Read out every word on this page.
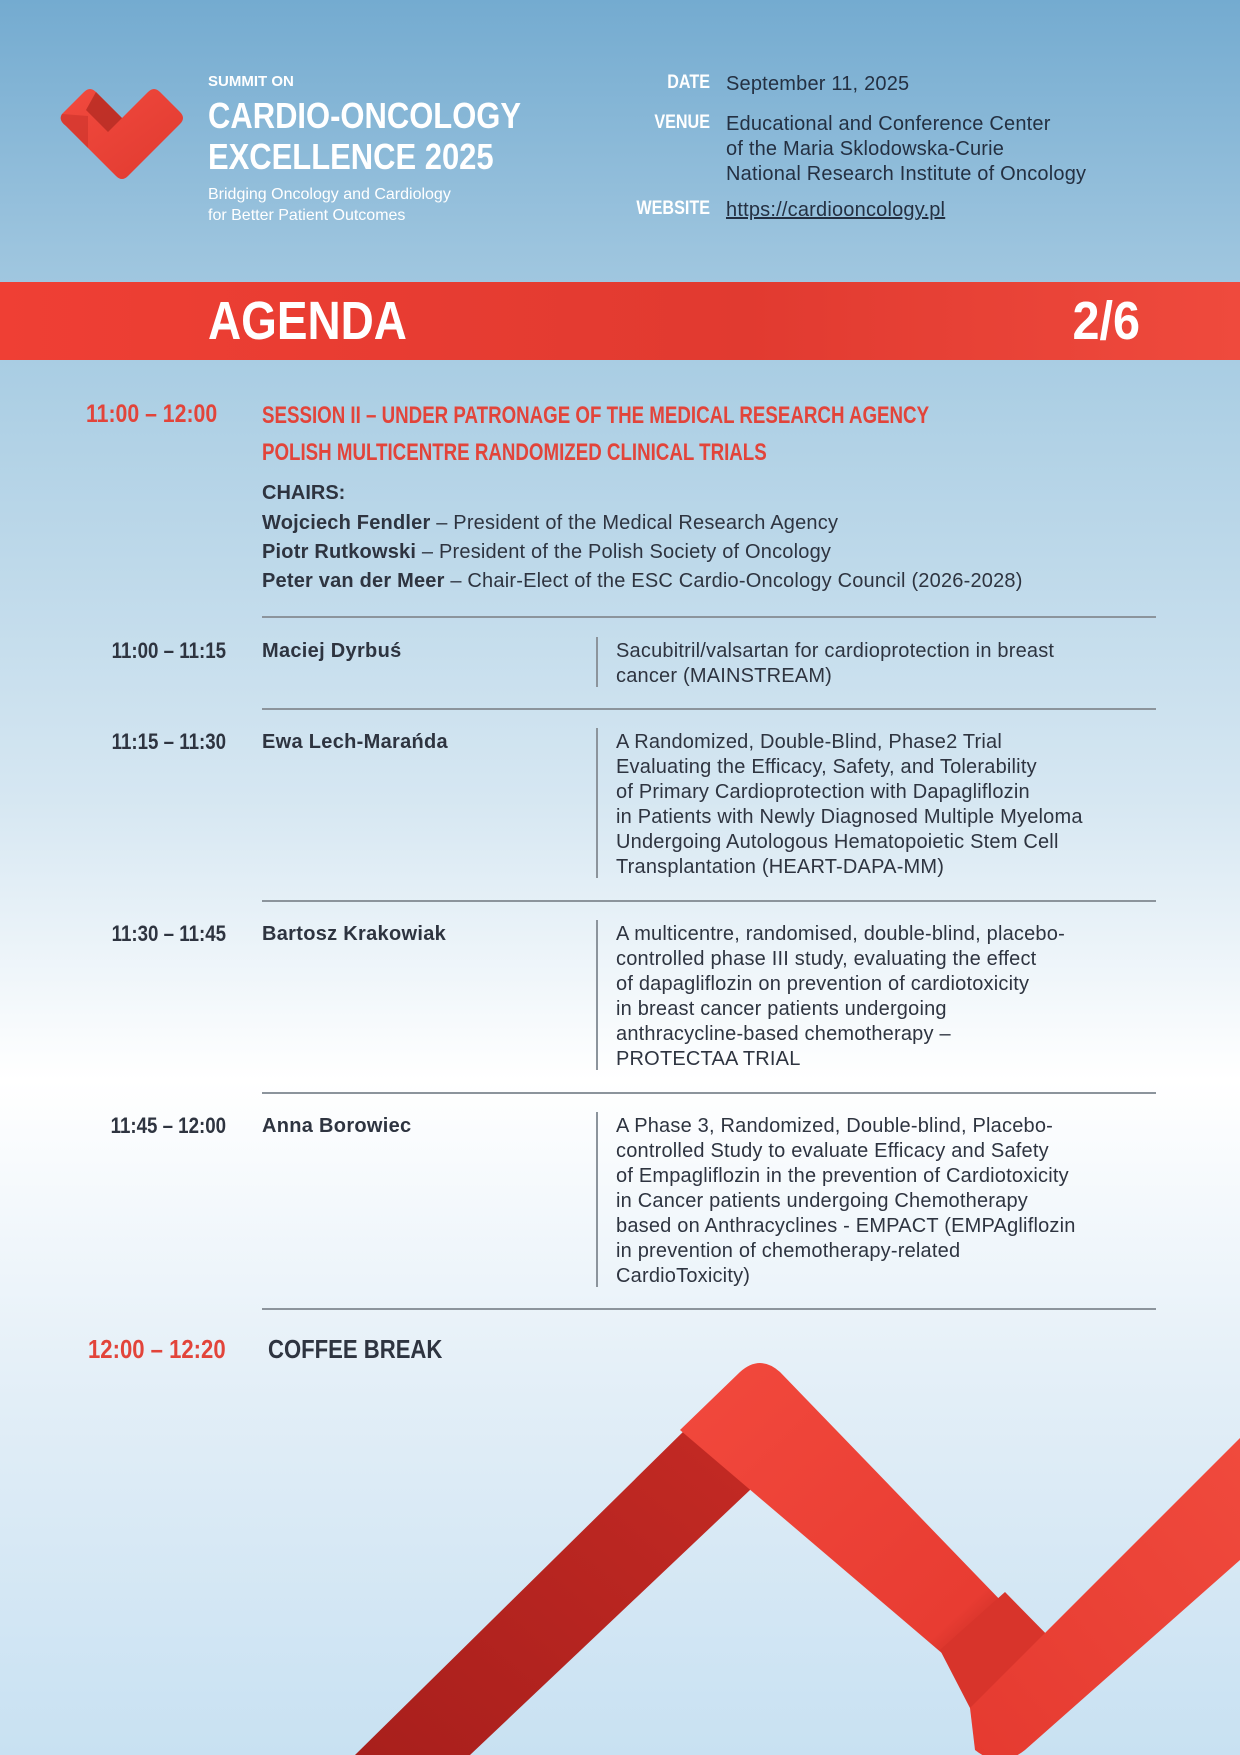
SUMMIT ON
CARDIO-ONCOLOGY
EXCELLENCE 2025
Bridging Oncology and Cardiology
for Better Patient Outcomes
DATE September 11, 2025
VENUE Educational and Conference Center
of the Maria Sklodowska-Curie
National Research Institute of Oncology
WEBSITE https://cardiooncology.pl
AGENDA	2/6
11:00 – 12:00 SESSION II – UNDER PATRONAGE OF THE MEDICAL RESEARCH AGENCY
POLISH MULTICENTRE RANDOMIZED CLINICAL TRIALS
CHAIRS:
Wojciech Fendler – President of the Medical Research Agency
Piotr Rutkowski – President of the Polish Society of Oncology
Peter van der Meer – Chair-Elect of the ESC Cardio-Oncology Council (2026-2028)
11:00 – 11:15 Maciej Dyrbuś	Sacubitril/valsartan for cardioprotection in breast
cancer (MAINSTREAM)
11:15 – 11:30 Ewa Lech-Marańda	A Randomized, Double-Blind, Phase2 Trial
Evaluating the Efficacy, Safety, and Tolerability
of Primary Cardioprotection with Dapagliflozin
in Patients with Newly Diagnosed Multiple Myeloma
Undergoing Autologous Hematopoietic Stem Cell
Transplantation (HEART-DAPA-MM)
11:30 – 11:45 Bartosz Krakowiak	A multicentre, randomised, double-blind, placebo-
controlled phase III study, evaluating the effect
of dapagliflozin on prevention of cardiotoxicity
in breast cancer patients undergoing
anthracycline-based chemotherapy –
PROTECTAA TRIAL
11:45 – 12:00 Anna Borowiec	A Phase 3, Randomized, Double-blind, Placebo-
controlled Study to evaluate Efficacy and Safety
of Empagliflozin in the prevention of Cardiotoxicity
in Cancer patients undergoing Chemotherapy
based on Anthracyclines - EMPACT (EMPAgliflozin
in prevention of chemotherapy-related
CardioToxicity)
12:00 – 12:20 COFFEE BREAK
